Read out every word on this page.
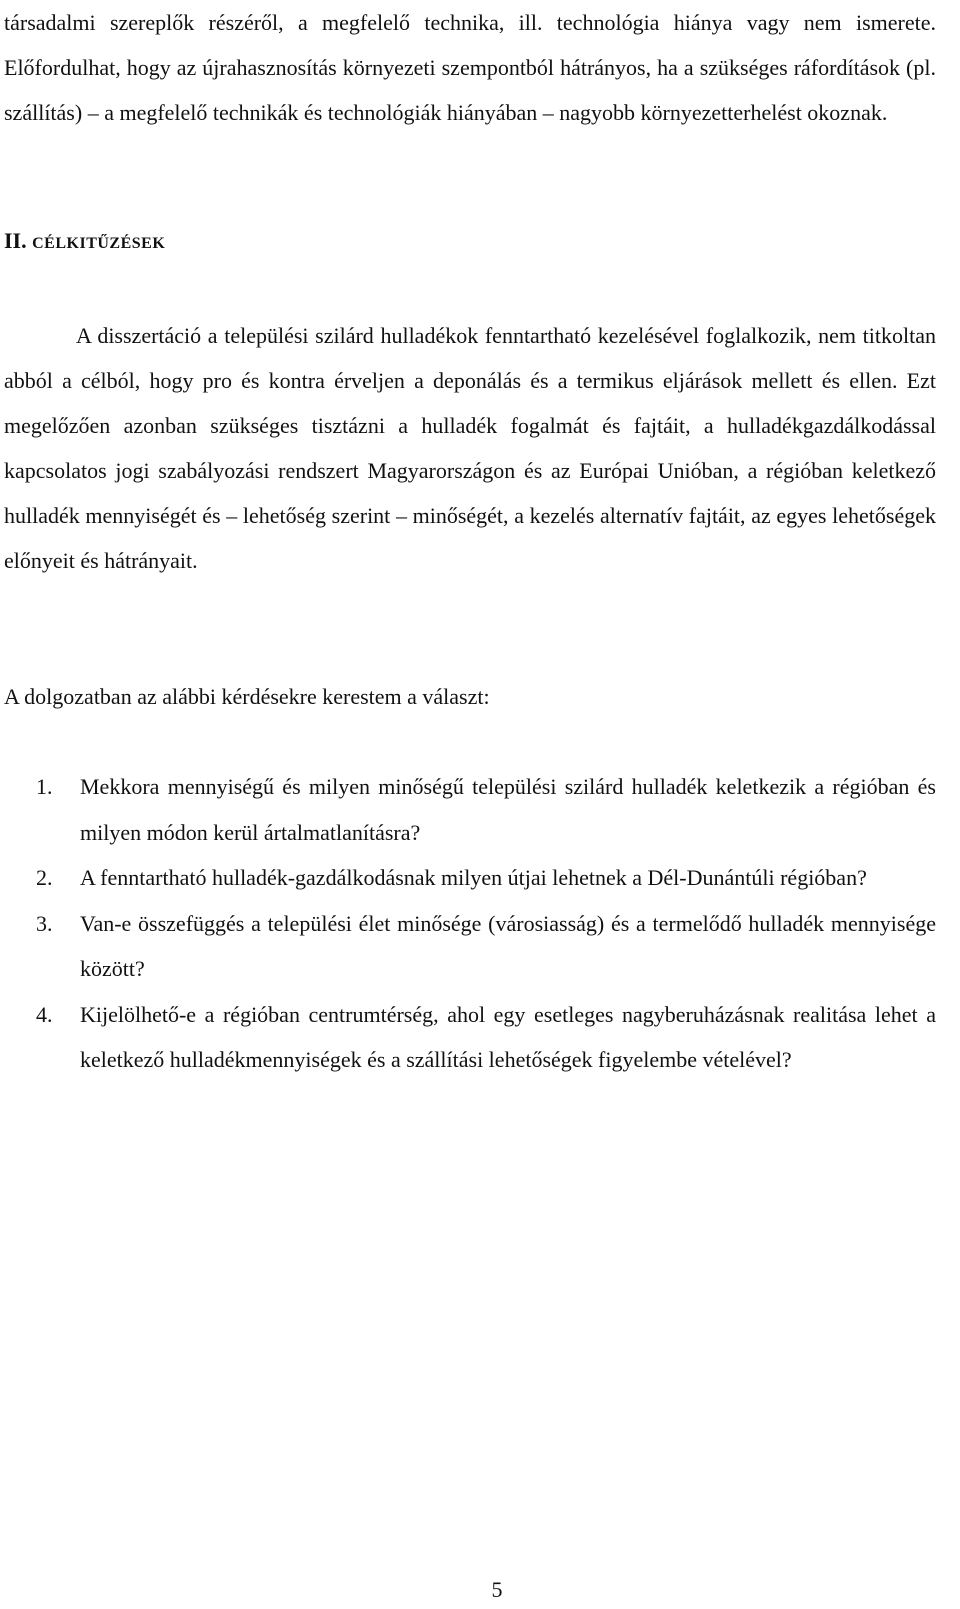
társadalmi szereplők részéről, a megfelelő technika, ill. technológia hiánya vagy nem ismerete. Előfordulhat, hogy az újrahasznosítás környezeti szempontból hátrányos, ha a szükséges ráfordítások (pl. szállítás) – a megfelelő technikák és technológiák hiányában – nagyobb környezetterhelést okoznak.

II. CÉLKITŰZÉSEK

A disszertáció a települési szilárd hulladékok fenntartható kezelésével foglalkozik, nem titkoltan abból a célból, hogy pro és kontra érveljen a deponálás és a termikus eljárások mellett és ellen. Ezt megelőzően azonban szükséges tisztázni a hulladék fogalmát és fajtáit, a hulladékgazdálkodással kapcsolatos jogi szabályozási rendszert Magyarországon és az Európai Unióban, a régióban keletkező hulladék mennyiségét és – lehetőség szerint – minőségét, a kezelés alternatív fajtáit, az egyes lehetőségek előnyeit és hátrányait.

A dolgozatban az alábbi kérdésekre kerestem a választ:

1. Mekkora mennyiségű és milyen minőségű települési szilárd hulladék keletkezik a régióban és milyen módon kerül ártalmatlanításra?

2. A fenntartható hulladék-gazdálkodásnak milyen útjai lehetnek a Dél-Dunántúli régióban?

3. Van-e összefüggés a települési élet minősége (városiasság) és a termelődő hulladék mennyisége között?

4. Kijelölhető-e a régióban centrumtérség, ahol egy esetleges nagyberuházásnak realitása lehet a keletkező hulladékmennyiségek és a szállítási lehetőségek figyelembe vételével?

5
